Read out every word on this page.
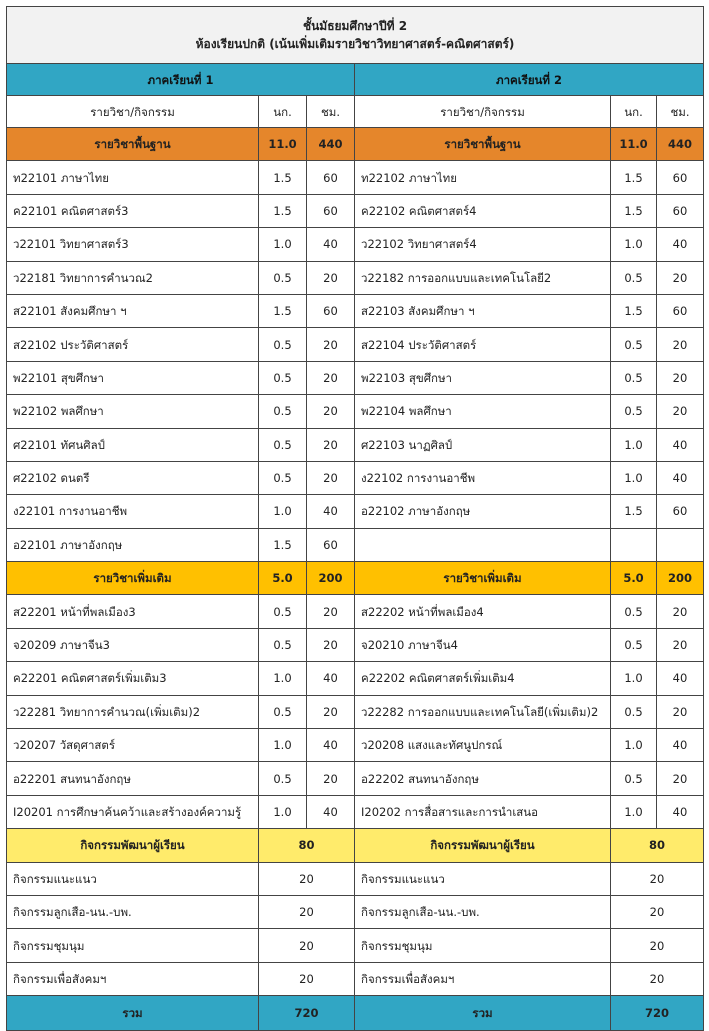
ชั้นมัธยมศึกษาปีที่ 2
ห้องเรียนปกติ (เน้นเพิ่มเติมรายวิชาวิทยาศาสตร์-คณิตศาสตร์)					

ภาคเรียนที่ 1			ภาคเรียนที่ 2		
รายวิชา/กิจกรรม	นก.	ชม.	รายวิชา/กิจกรรม	นก.	ชม.
รายวิชาพื้นฐาน	11.0	440	รายวิชาพื้นฐาน	11.0	440
ท22101 ภาษาไทย	1.5	60	ท22102 ภาษาไทย	1.5	60
ค22101 คณิตศาสตร์3	1.5	60	ค22102 คณิตศาสตร์4	1.5	60
ว22101 วิทยาศาสตร์3	1.0	40	ว22102 วิทยาศาสตร์4	1.0	40
ว22181 วิทยาการคำนวณ2	0.5	20	ว22182 การออกแบบและเทคโนโลยี2	0.5	20
ส22101 สังคมศึกษา ฯ	1.5	60	ส22103 สังคมศึกษา ฯ	1.5	60
ส22102 ประวัติศาสตร์	0.5	20	ส22104 ประวัติศาสตร์	0.5	20
พ22101 สุขศึกษา	0.5	20	พ22103 สุขศึกษา	0.5	20
พ22102 พลศึกษา	0.5	20	พ22104 พลศึกษา	0.5	20
ศ22101 ทัศนศิลป์	0.5	20	ศ22103 นาฏศิลป์	1.0	40
ศ22102 ดนตรี	0.5	20	ง22102 การงานอาชีพ	1.0	40
ง22101 การงานอาชีพ	1.0	40	อ22102 ภาษาอังกฤษ	1.5	60
อ22101 ภาษาอังกฤษ	1.5	60			
รายวิชาเพิ่มเติม	5.0	200	รายวิชาเพิ่มเติม	5.0	200
ส22201 หน้าที่พลเมือง3	0.5	20	ส22202 หน้าที่พลเมือง4	0.5	20
จ20209 ภาษาจีน3	0.5	20	จ20210 ภาษาจีน4	0.5	20
ค22201 คณิตศาสตร์เพิ่มเติม3	1.0	40	ค22202 คณิตศาสตร์เพิ่มเติม4	1.0	40
ว22281 วิทยาการคำนวณ(เพิ่มเติม)2	0.5	20	ว22282 การออกแบบและเทคโนโลยี(เพิ่มเติม)2	0.5	20
ว20207 วัสดุศาสตร์	1.0	40	ว20208 แสงและทัศนูปกรณ์	1.0	40
อ22201 สนทนาอังกฤษ	0.5	20	อ22202 สนทนาอังกฤษ	0.5	20
I20201 การศึกษาค้นคว้าและสร้างองค์ความรู้	1.0	40	I20202 การสื่อสารและการนำเสนอ	1.0	40
กิจกรรมพัฒนาผู้เรียน	80		กิจกรรมพัฒนาผู้เรียน	80	
กิจกรรมแนะแนว	20		กิจกรรมแนะแนว	20	
กิจกรรมลูกเสือ-นน.-บพ.	20		กิจกรรมลูกเสือ-นน.-บพ.	20	
กิจกรรมชุมนุม	20		กิจกรรมชุมนุม	20	
กิจกรรมเพื่อสังคมฯ	20		กิจกรรมเพื่อสังคมฯ	20	
รวม	720		รวม	720	
